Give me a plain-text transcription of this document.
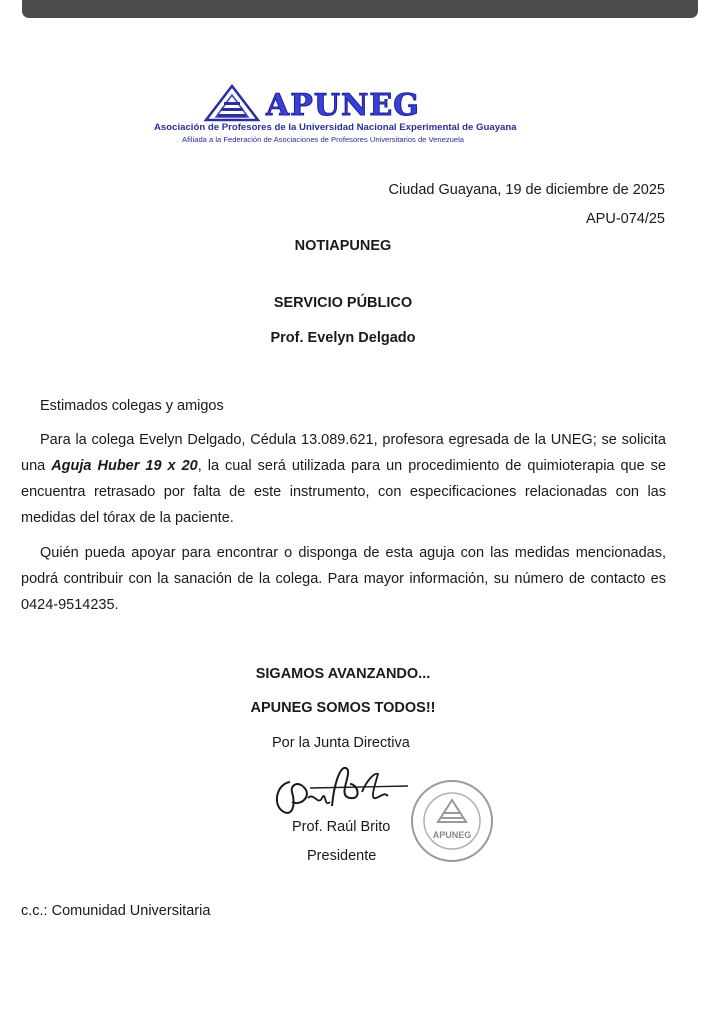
APUNEG
Asociación de Profesores de la Universidad Nacional Experimental de Guayana
Afiliada a la Federación de Asociaciones de Profesores Universitarios de Venezuela
Ciudad Guayana, 19 de diciembre de 2025
APU-074/25
NOTIAPUNEG
SERVICIO PÚBLICO
Prof. Evelyn Delgado
Estimados colegas y amigos

Para la colega Evelyn Delgado, Cédula 13.089.621, profesora egresada de la UNEG; se solicita una Aguja Huber 19 x 20, la cual será utilizada para un procedimiento de quimioterapia que se encuentra retrasado por falta de este instrumento, con especificaciones relacionadas con las medidas del tórax de la paciente.

Quién pueda apoyar para encontrar o disponga de esta aguja con las medidas mencionadas, podrá contribuir con la sanación de la colega. Para mayor información, su número de contacto es 0424-9514235.

SIGAMOS AVANZANDO...
APUNEG SOMOS TODOS!!
Por la Junta Directiva
APUNEG
Prof. Raúl Brito
Presidente
c.c.: Comunidad Universitaria
